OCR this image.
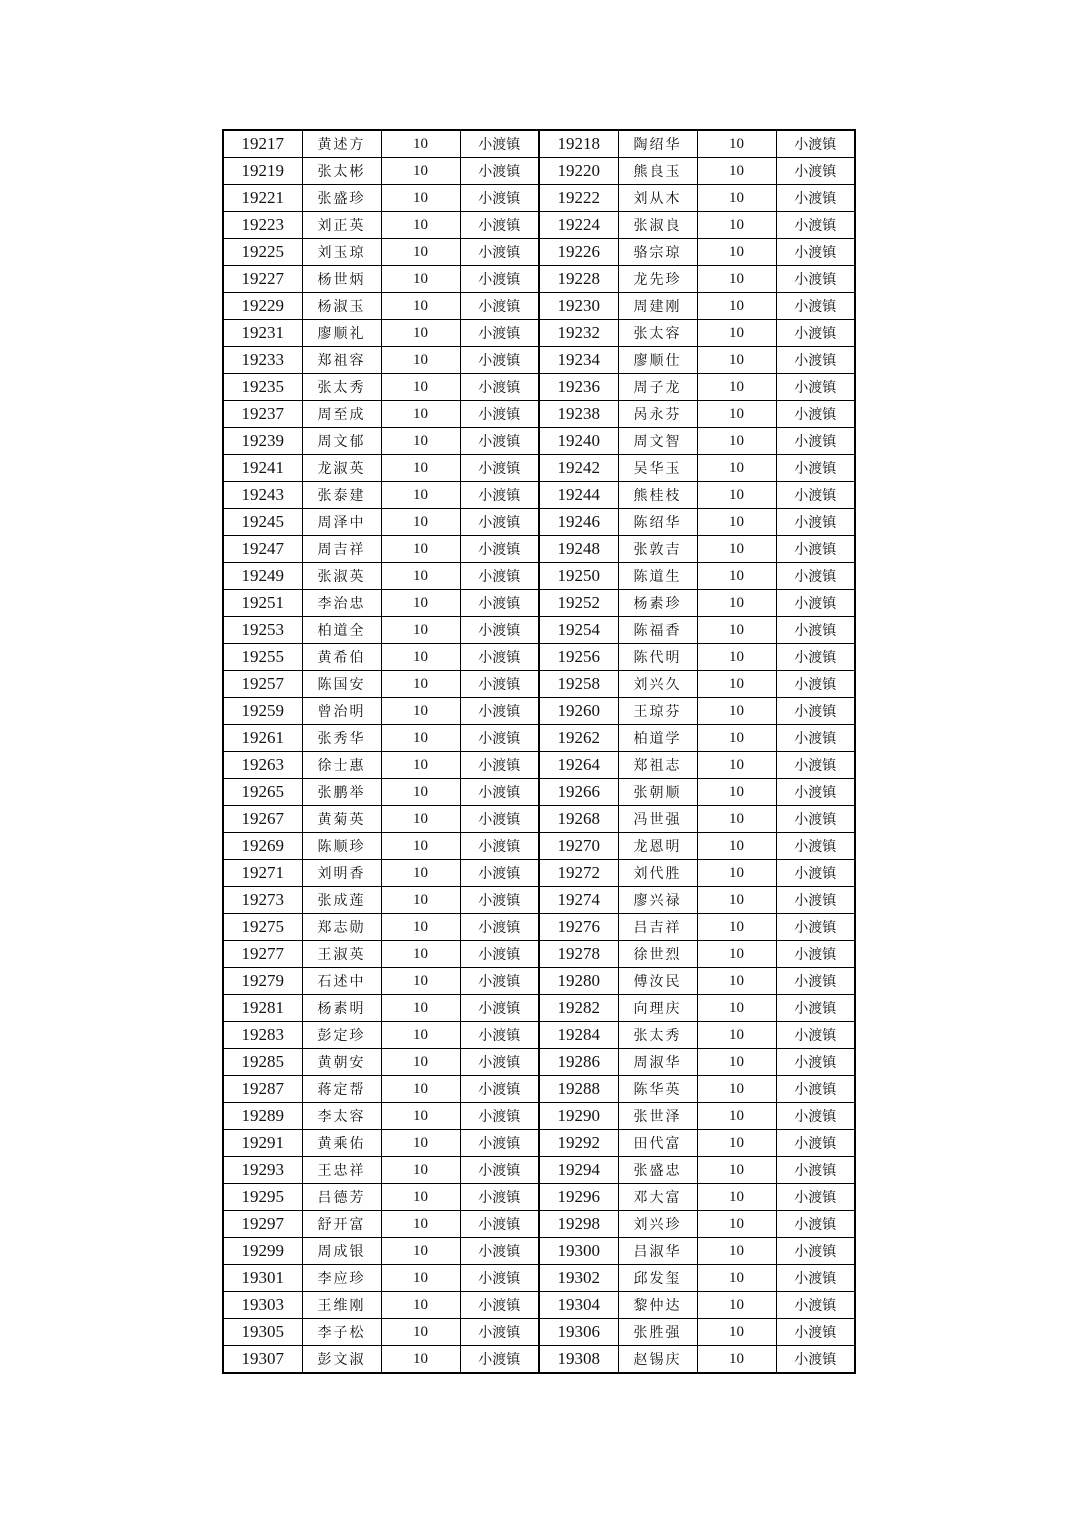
19217	黄述方	10	小渡镇	19218	陶绍华	10	小渡镇
19219	张太彬	10	小渡镇	19220	熊良玉	10	小渡镇
19221	张盛珍	10	小渡镇	19222	刘从木	10	小渡镇
19223	刘正英	10	小渡镇	19224	张淑良	10	小渡镇
19225	刘玉琼	10	小渡镇	19226	骆宗琼	10	小渡镇
19227	杨世炳	10	小渡镇	19228	龙先珍	10	小渡镇
19229	杨淑玉	10	小渡镇	19230	周建刚	10	小渡镇
19231	廖顺礼	10	小渡镇	19232	张太容	10	小渡镇
19233	郑祖容	10	小渡镇	19234	廖顺仕	10	小渡镇
19235	张太秀	10	小渡镇	19236	周子龙	10	小渡镇
19237	周至成	10	小渡镇	19238	呙永芬	10	小渡镇
19239	周文郁	10	小渡镇	19240	周文智	10	小渡镇
19241	龙淑英	10	小渡镇	19242	吴华玉	10	小渡镇
19243	张泰建	10	小渡镇	19244	熊桂枝	10	小渡镇
19245	周泽中	10	小渡镇	19246	陈绍华	10	小渡镇
19247	周吉祥	10	小渡镇	19248	张敦吉	10	小渡镇
19249	张淑英	10	小渡镇	19250	陈道生	10	小渡镇
19251	李治忠	10	小渡镇	19252	杨素珍	10	小渡镇
19253	柏道全	10	小渡镇	19254	陈福香	10	小渡镇
19255	黄希伯	10	小渡镇	19256	陈代明	10	小渡镇
19257	陈国安	10	小渡镇	19258	刘兴久	10	小渡镇
19259	曾治明	10	小渡镇	19260	王琼芬	10	小渡镇
19261	张秀华	10	小渡镇	19262	柏道学	10	小渡镇
19263	徐士惠	10	小渡镇	19264	郑祖志	10	小渡镇
19265	张鹏举	10	小渡镇	19266	张朝顺	10	小渡镇
19267	黄菊英	10	小渡镇	19268	冯世强	10	小渡镇
19269	陈顺珍	10	小渡镇	19270	龙恩明	10	小渡镇
19271	刘明香	10	小渡镇	19272	刘代胜	10	小渡镇
19273	张成莲	10	小渡镇	19274	廖兴禄	10	小渡镇
19275	郑志勋	10	小渡镇	19276	吕吉祥	10	小渡镇
19277	王淑英	10	小渡镇	19278	徐世烈	10	小渡镇
19279	石述中	10	小渡镇	19280	傅汝民	10	小渡镇
19281	杨素明	10	小渡镇	19282	向理庆	10	小渡镇
19283	彭定珍	10	小渡镇	19284	张太秀	10	小渡镇
19285	黄朝安	10	小渡镇	19286	周淑华	10	小渡镇
19287	蒋定帮	10	小渡镇	19288	陈华英	10	小渡镇
19289	李太容	10	小渡镇	19290	张世泽	10	小渡镇
19291	黄乘佑	10	小渡镇	19292	田代富	10	小渡镇
19293	王忠祥	10	小渡镇	19294	张盛忠	10	小渡镇
19295	吕德芳	10	小渡镇	19296	邓大富	10	小渡镇
19297	舒开富	10	小渡镇	19298	刘兴珍	10	小渡镇
19299	周成银	10	小渡镇	19300	吕淑华	10	小渡镇
19301	李应珍	10	小渡镇	19302	邱发玺	10	小渡镇
19303	王维刚	10	小渡镇	19304	黎仲达	10	小渡镇
19305	李子松	10	小渡镇	19306	张胜强	10	小渡镇
19307	彭文淑	10	小渡镇	19308	赵锡庆	10	小渡镇
